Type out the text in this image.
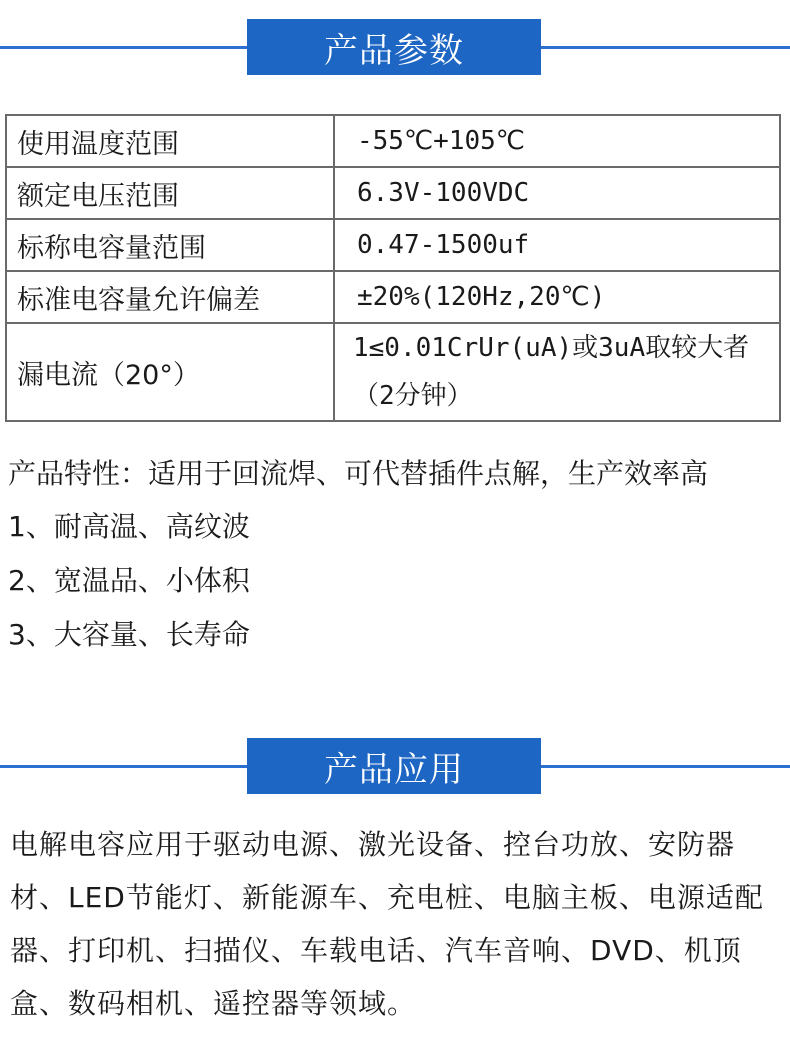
产品参数
使用温度范围	-55℃+105℃
额定电压范围	6.3V-100VDC
标称电容量范围	0.47-1500uf
标准电容量允许偏差	±20%(120Hz,20℃)
漏电流（20°）	1≤0.01CrUr(uA)或3uA取较大者（2分钟）

产品特性：适用于回流焊、可代替插件点解，生产效率高

1、耐高温、高纹波

2、宽温品、小体积

3、大容量、长寿命

产品应用

电解电容应用于驱动电源、激光设备、控台功放、安防器材、LED节能灯、新能源车、充电桩、电脑主板、电源适配器、打印机、扫描仪、车载电话、汽车音响、DVD、机顶盒、数码相机、遥控器等领域。
